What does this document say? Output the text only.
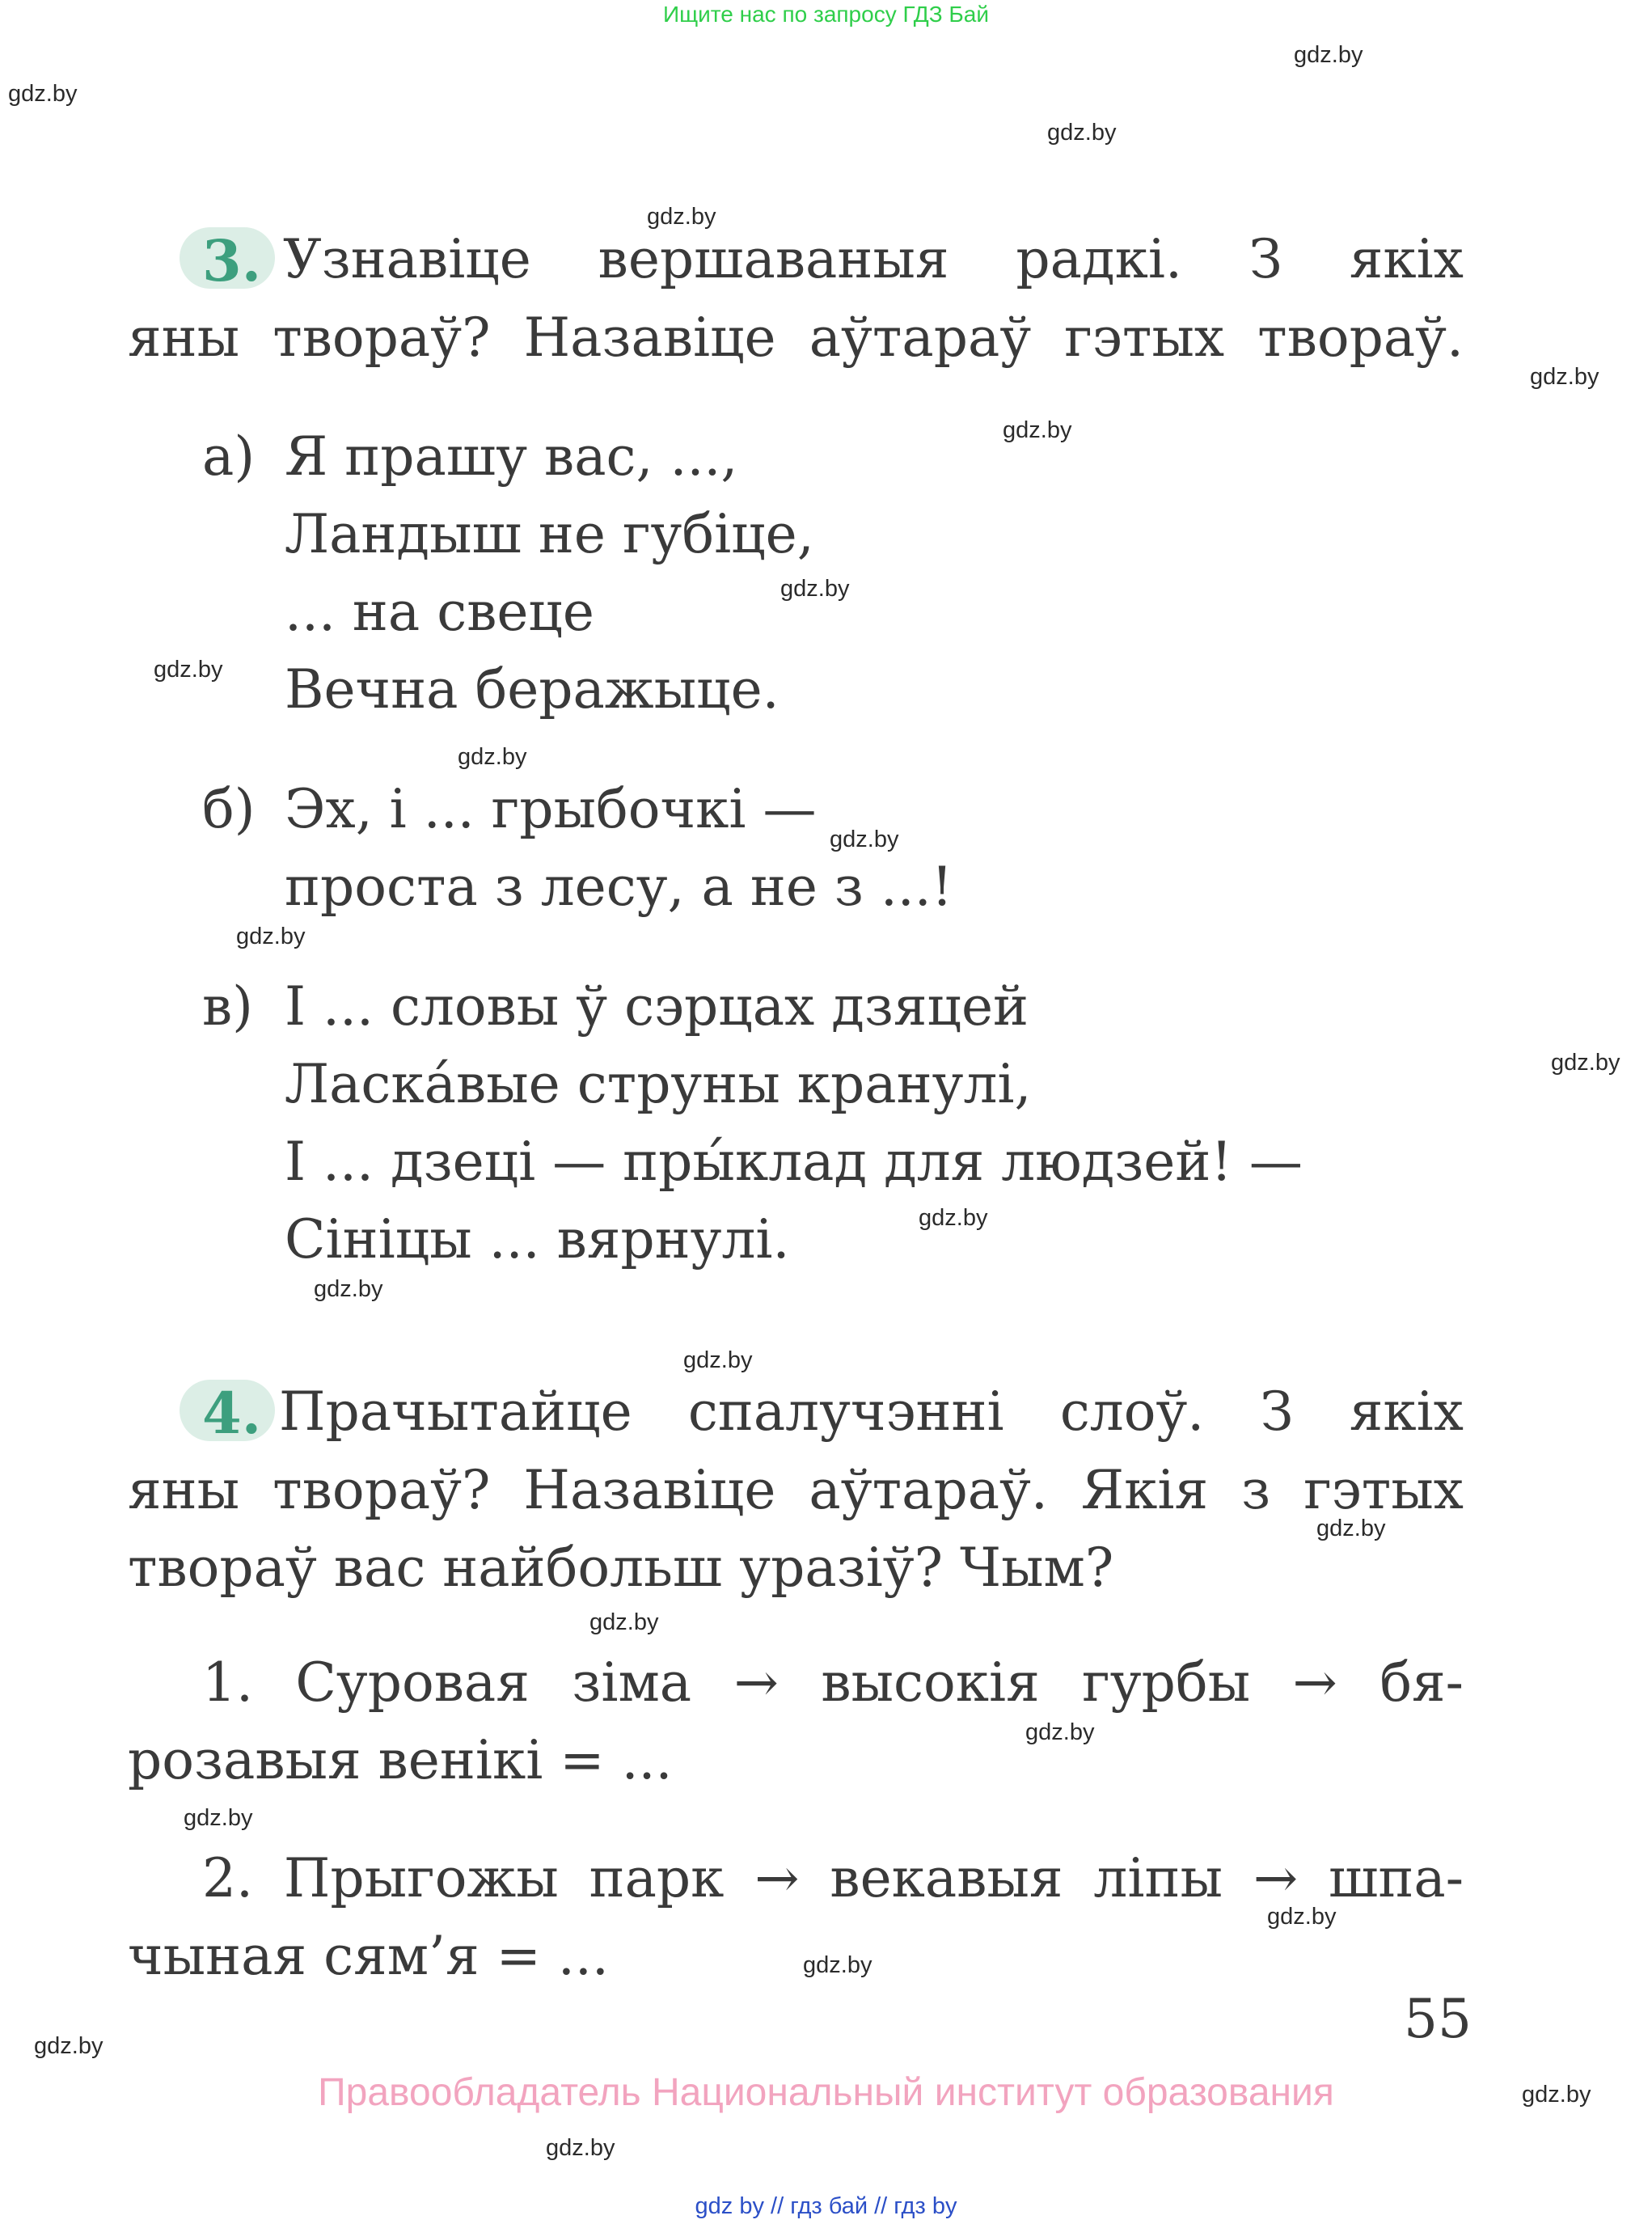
Ищите нас по запросу ГДЗ Бай
gdz.by
gdz.by
gdz.by
gdz.by
gdz.by
gdz.by
gdz.by
gdz.by
gdz.by
gdz.by
gdz.by
gdz.by
gdz.by
gdz.by
gdz.by
gdz.by
gdz.by
gdz.by
gdz.by
gdz.by
gdz.by
gdz.by
gdz.by
gdz.by
3. Узнавіце вершаваныя радкі. З якіх
яны твораў? Назавіце аўтараў гэтых твораў.
а) Я прашу вас, ...,
Ландыш не губіце,
... на свеце
Вечна беражыце.
б) Эх, і ... грыбочкі —
проста з лесу, а не з ...!
в) І ... словы ў сэрцах дзяцей
Ласка́вые струны кранулі,
І ... дзеці — пры́клад для людзей! —
Сініцы ... вярнулі.
4. Прачытайце спалучэнні слоў. З якіх
яны твораў? Назавіце аўтараў. Якія з гэтых
твораў вас найбольш уразіў? Чым?
1. Суровая зіма → высокія гурбы → бя-
розавыя венікі = ...
2. Прыгожы парк → векавыя ліпы → шпа-
чыная сям’я = ...
55
Правообладатель Национальный институт образования
gdz by // гдз бай // гдз by
